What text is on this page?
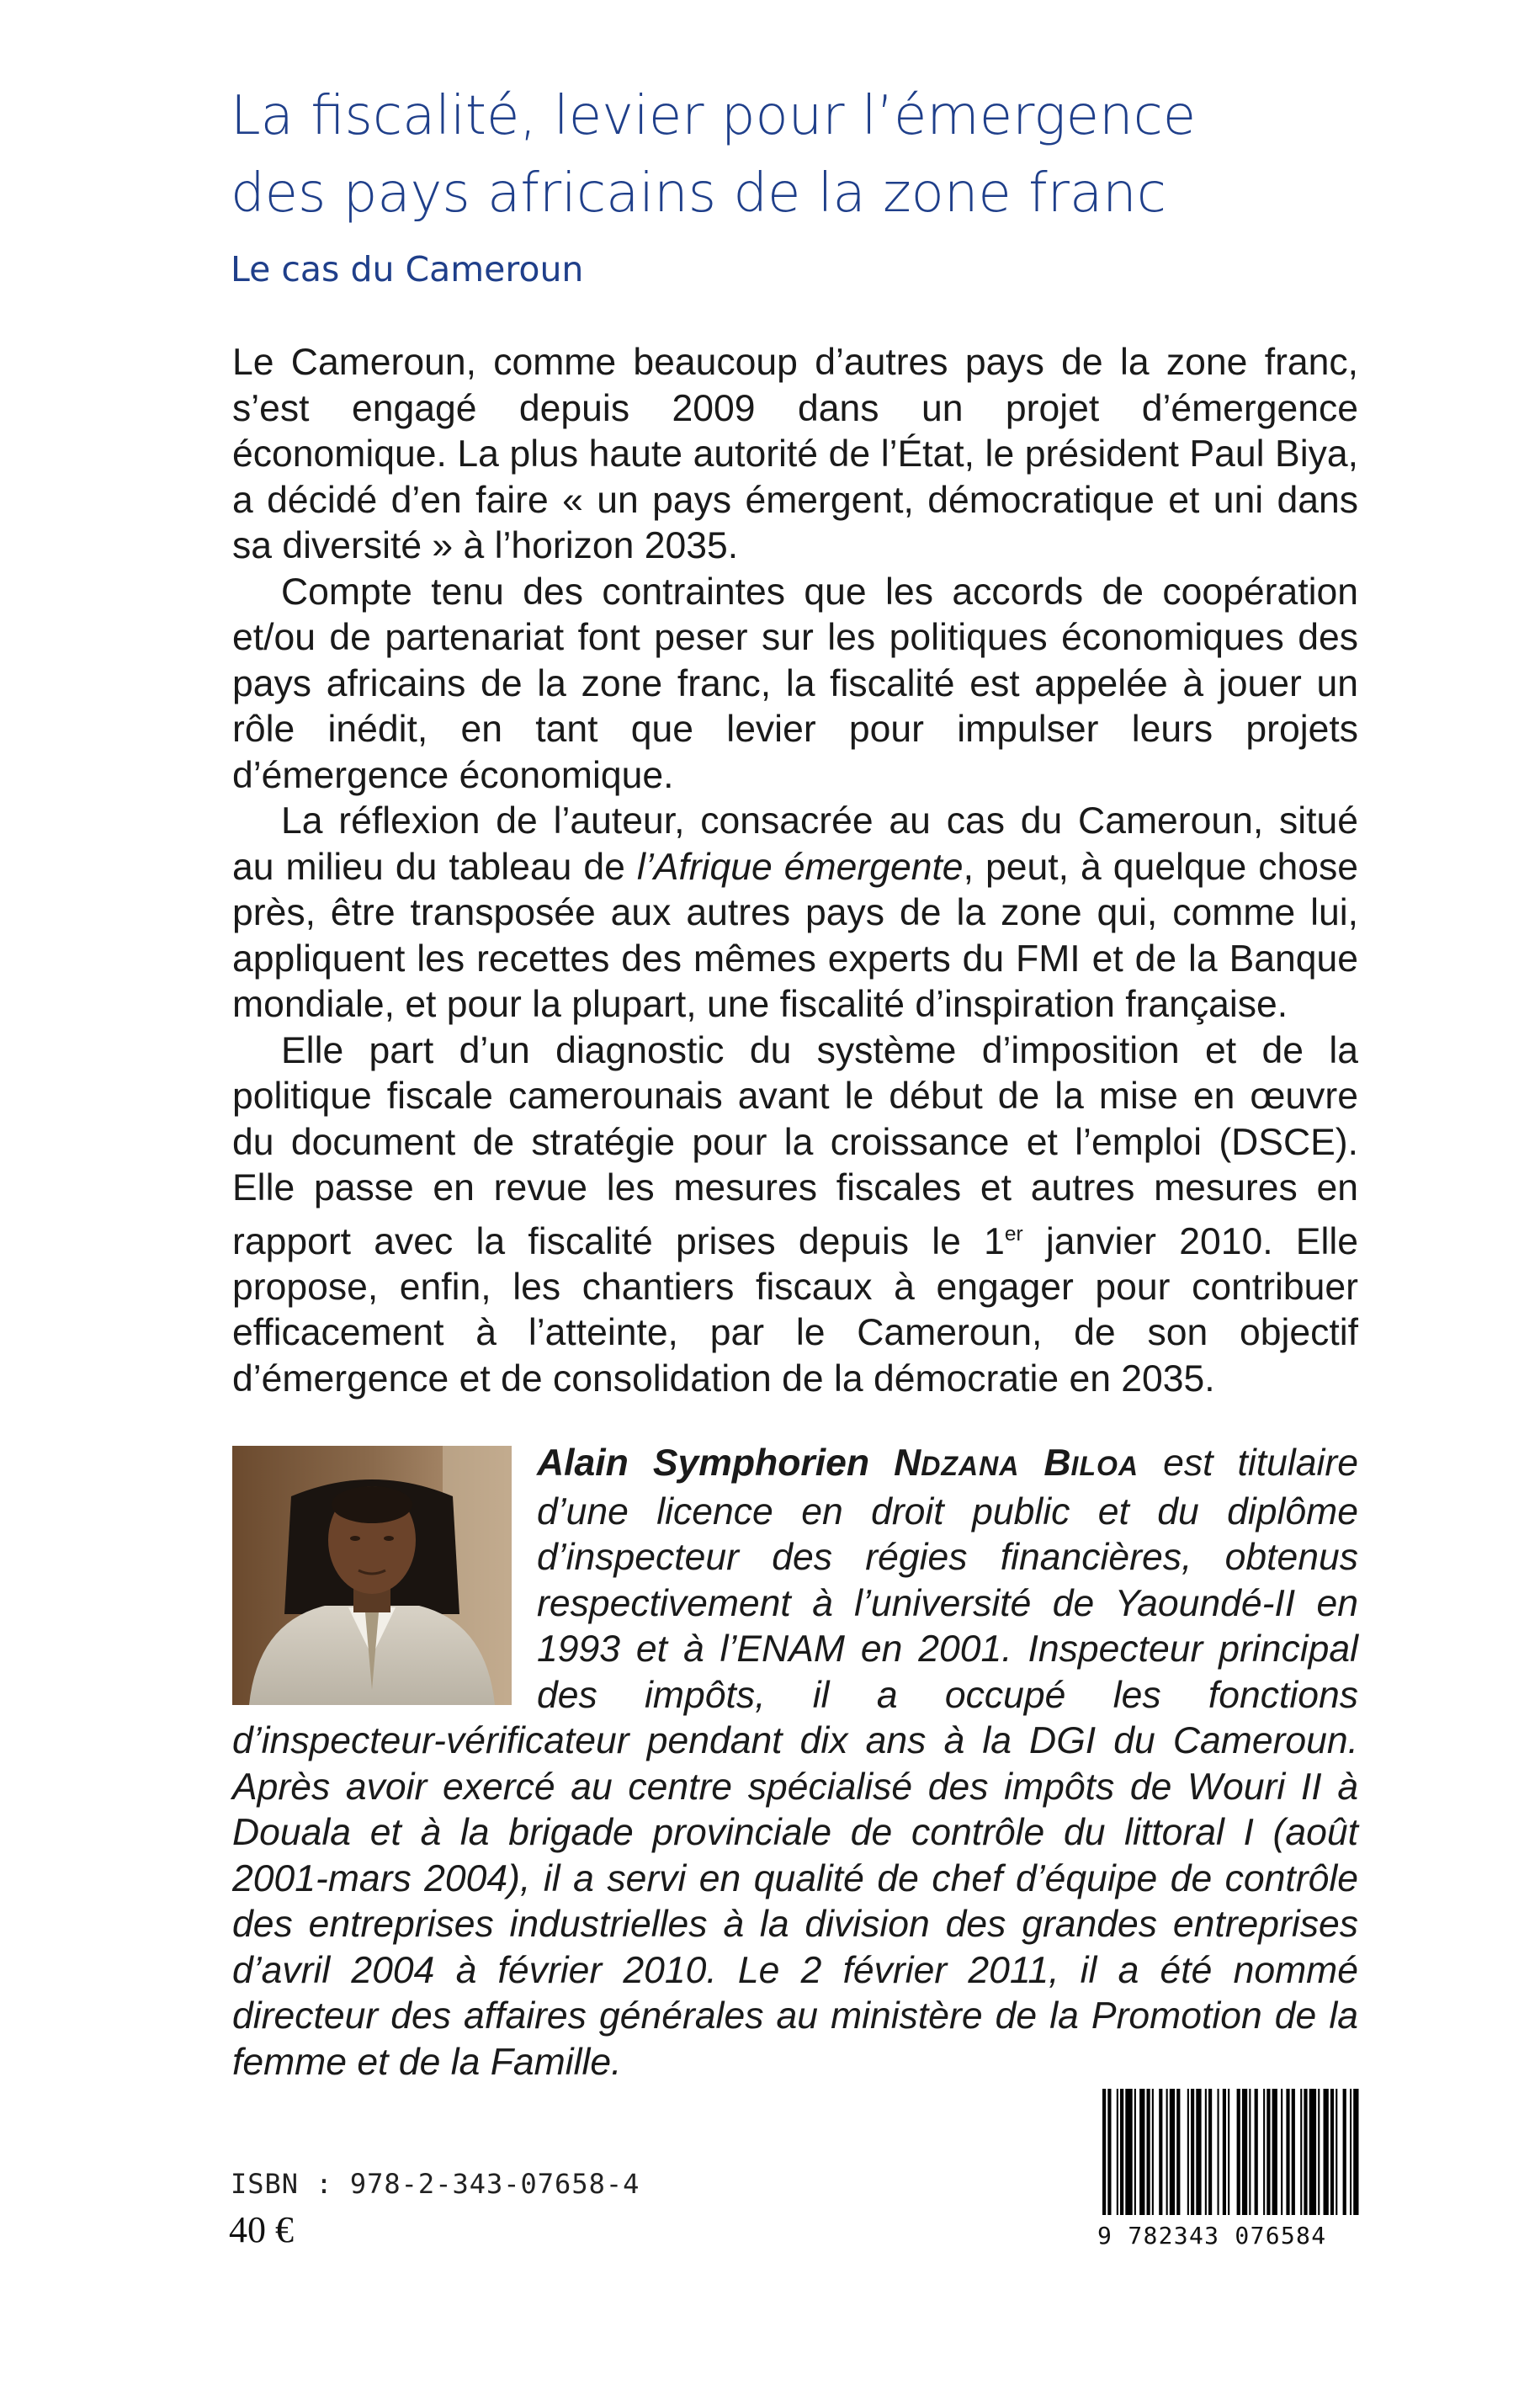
La fiscalité, levier pour l’émergence
des pays africains de la zone franc
Le cas du Cameroun

Le Cameroun, comme beaucoup d’autres pays de la zone franc, s’est engagé depuis 2009 dans un projet d’émergence économique. La plus haute autorité de l’État, le président Paul Biya, a décidé d’en faire « un pays émergent, démocratique et uni dans sa diversité » à l’horizon 2035.

Compte tenu des contraintes que les accords de coopération et/ou de partenariat font peser sur les politiques économiques des pays africains de la zone franc, la fiscalité est appelée à jouer un rôle inédit, en tant que levier pour impulser leurs projets d’émergence économique.

La réflexion de l’auteur, consacrée au cas du Cameroun, situé au milieu du tableau de l’Afrique émergente, peut, à quelque chose près, être transposée aux autres pays de la zone qui, comme lui, appliquent les recettes des mêmes experts du FMI et de la Banque mondiale, et pour la plupart, une fiscalité d’inspiration française.

Elle part d’un diagnostic du système d’imposition et de la politique fiscale camerounais avant le début de la mise en œuvre du document de stratégie pour la croissance et l’emploi (DSCE). Elle passe en revue les mesures fiscales et autres mesures en rapport avec la fiscalité prises depuis le 1er janvier 2010. Elle propose, enfin, les chantiers fiscaux à engager pour contribuer efficacement à l’atteinte, par le Cameroun, de son objectif d’émergence et de consolidation de la démocratie en 2035.

Alain Symphorien NDZANA BILOA est titulaire d’une licence en droit public et du diplôme d’inspecteur des régies financières, obtenus respectivement à l’université de Yaoundé-II en 1993 et à l’ENAM en 2001. Inspecteur principal des impôts, il a occupé les fonctions d’inspecteur-vérificateur pendant dix ans à la DGI du Cameroun. Après avoir exercé au centre spécialisé des impôts de Wouri II à Douala et à la brigade provinciale de contrôle du littoral I (août 2001-mars 2004), il a servi en qualité de chef d’équipe de contrôle des entreprises industrielles à la division des grandes entreprises d’avril 2004 à février 2010. Le 2 février 2011, il a été nommé directeur des affaires générales au ministère de la Promotion de la femme et de la Famille.
ISBN : 978-2-343-07658-4
40 €	9 782343 076584
